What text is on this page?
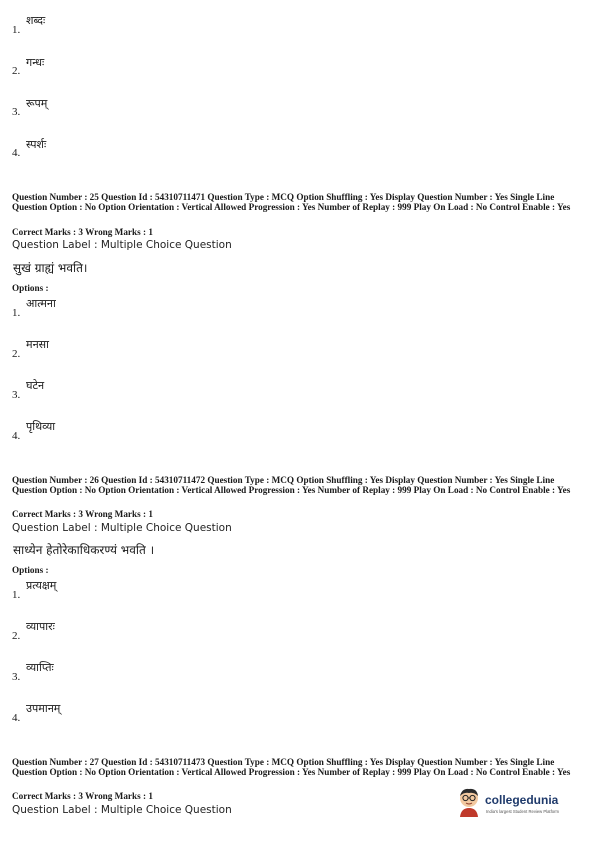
1.
शब्दः
2.
गन्धः
3.
रूपम्
4.
स्पर्शः
Question Number : 25 Question Id : 54310711471 Question Type : MCQ Option Shuffling : Yes Display Question Number : Yes Single Line Question Option : No Option Orientation : Vertical Allowed Progression : Yes Number of Replay : 999 Play On Load : No Control Enable : Yes
Correct Marks : 3 Wrong Marks : 1
Question Label : Multiple Choice Question
सुखं ग्राह्यं भवति।
Options :
1.
आत्मना
2.
मनसा
3.
घटेन
4.
पृथिव्या
Question Number : 26 Question Id : 54310711472 Question Type : MCQ Option Shuffling : Yes Display Question Number : Yes Single Line Question Option : No Option Orientation : Vertical Allowed Progression : Yes Number of Replay : 999 Play On Load : No Control Enable : Yes
Correct Marks : 3 Wrong Marks : 1
Question Label : Multiple Choice Question
साध्येन हेतोरेकाधिकरण्यं भवति ।
Options :
1.
प्रत्यक्षम्
2.
व्यापारः
3.
व्याप्तिः
4.
उपमानम्
Question Number : 27 Question Id : 54310711473 Question Type : MCQ Option Shuffling : Yes Display Question Number : Yes Single Line Question Option : No Option Orientation : Vertical Allowed Progression : Yes Number of Replay : 999 Play On Load : No Control Enable : Yes
Correct Marks : 3 Wrong Marks : 1
Question Label : Multiple Choice Question
collegedunia
India's largest Student Review Platform
